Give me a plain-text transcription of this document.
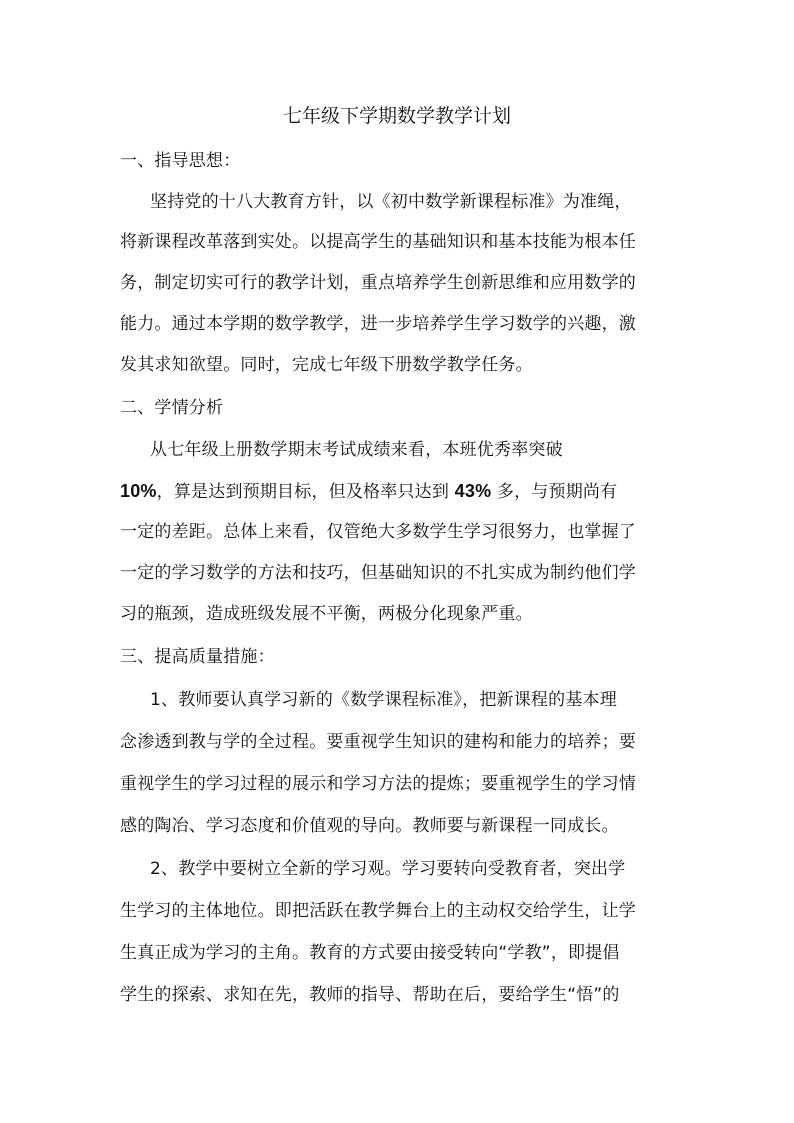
七年级下学期数学教学计划
一、指导思想：
坚持党的十八大教育方针，以《初中数学新课程标准》为准绳，
将新课程改革落到实处。以提高学生的基础知识和基本技能为根本任
务，制定切实可行的教学计划，重点培养学生创新思维和应用数学的
能力。通过本学期的数学教学，进一步培养学生学习数学的兴趣，激
发其求知欲望。同时，完成七年级下册数学教学任务。
二、学情分析
从七年级上册数学期末考试成绩来看，本班优秀率突破
10%，算是达到预期目标，但及格率只达到 43% 多，与预期尚有
一定的差距。总体上来看，仅管绝大多数学生学习很努力，也掌握了
一定的学习数学的方法和技巧，但基础知识的不扎实成为制约他们学
习的瓶颈，造成班级发展不平衡，两极分化现象严重。
三、提高质量措施：
1、教师要认真学习新的《数学课程标准》，把新课程的基本理
念渗透到教与学的全过程。要重视学生知识的建构和能力的培养；要
重视学生的学习过程的展示和学习方法的提炼；要重视学生的学习情
感的陶冶、学习态度和价值观的导向。教师要与新课程一同成长。
2、教学中要树立全新的学习观。学习要转向受教育者，突出学
生学习的主体地位。即把活跃在教学舞台上的主动权交给学生，让学
生真正成为学习的主角。教育的方式要由接受转向“学教”，即提倡
学生的探索、求知在先，教师的指导、帮助在后，要给学生“悟”的
